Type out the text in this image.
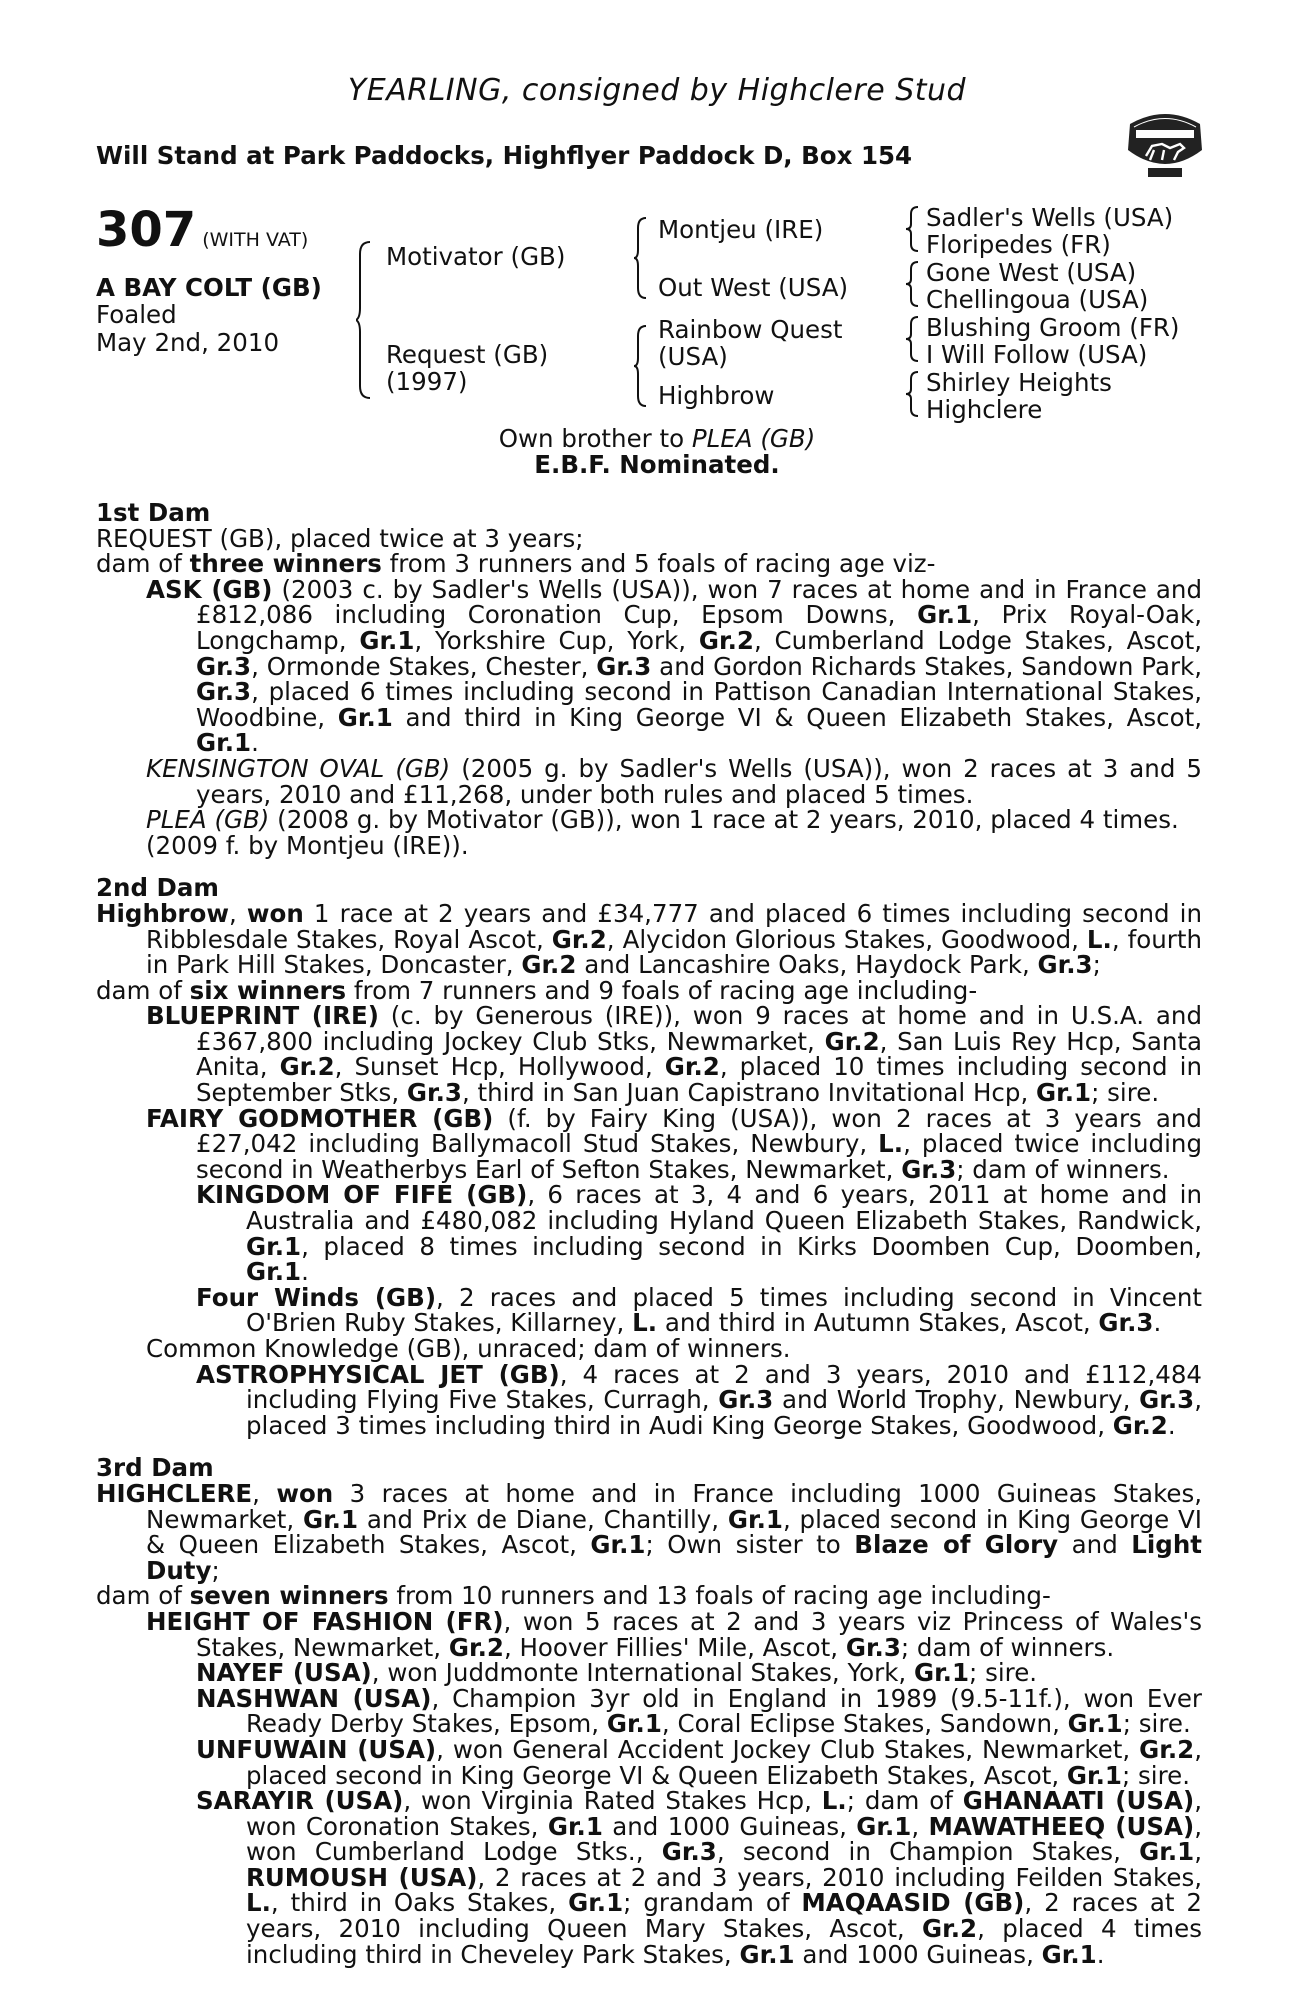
YEARLING, consigned by Highclere Stud
Will Stand at Park Paddocks, Highflyer Paddock D, Box 154
307 (WITH VAT)
A BAY COLT (GB)
Foaled
May 2nd, 2010
Motivator (GB)
Request (GB)
(1997)
Montjeu (IRE)
Out West (USA)
Rainbow Quest
(USA)
Highbrow
Sadler's Wells (USA)
Floripedes (FR)
Gone West (USA)
Chellingoua (USA)
Blushing Groom (FR)
I Will Follow (USA)
Shirley Heights
Highclere
Own brother to PLEA (GB)
E.B.F. Nominated.
1st Dam

REQUEST (GB), placed twice at 3 years;

dam of three winners from 3 runners and 5 foals of racing age viz-

ASK (GB) (2003 c. by Sadler's Wells (USA)), won 7 races at home and in France and £812,086 including Coronation Cup, Epsom Downs, Gr.1, Prix Royal-Oak, Longchamp, Gr.1, Yorkshire Cup, York, Gr.2, Cumberland Lodge Stakes, Ascot, Gr.3, Ormonde Stakes, Chester, Gr.3 and Gordon Richards Stakes, Sandown Park, Gr.3, placed 6 times including second in Pattison Canadian International Stakes, Woodbine, Gr.1 and third in King George VI & Queen Elizabeth Stakes, Ascot, Gr.1.

KENSINGTON OVAL (GB) (2005 g. by Sadler's Wells (USA)), won 2 races at 3 and 5 years, 2010 and £11,268, under both rules and placed 5 times.

PLEA (GB) (2008 g. by Motivator (GB)), won 1 race at 2 years, 2010, placed 4 times.

(2009 f. by Montjeu (IRE)).

2nd Dam

Highbrow, won 1 race at 2 years and £34,777 and placed 6 times including second in Ribblesdale Stakes, Royal Ascot, Gr.2, Alycidon Glorious Stakes, Goodwood, L., fourth in Park Hill Stakes, Doncaster, Gr.2 and Lancashire Oaks, Haydock Park, Gr.3;

dam of six winners from 7 runners and 9 foals of racing age including-

BLUEPRINT (IRE) (c. by Generous (IRE)), won 9 races at home and in U.S.A. and £367,800 including Jockey Club Stks, Newmarket, Gr.2, San Luis Rey Hcp, Santa Anita, Gr.2, Sunset Hcp, Hollywood, Gr.2, placed 10 times including second in September Stks, Gr.3, third in San Juan Capistrano Invitational Hcp, Gr.1; sire.

FAIRY GODMOTHER (GB) (f. by Fairy King (USA)), won 2 races at 3 years and £27,042 including Ballymacoll Stud Stakes, Newbury, L., placed twice including second in Weatherbys Earl of Sefton Stakes, Newmarket, Gr.3; dam of winners.

KINGDOM OF FIFE (GB), 6 races at 3, 4 and 6 years, 2011 at home and in Australia and £480,082 including Hyland Queen Elizabeth Stakes, Randwick, Gr.1, placed 8 times including second in Kirks Doomben Cup, Doomben, Gr.1.

Four Winds (GB), 2 races and placed 5 times including second in Vincent O'Brien Ruby Stakes, Killarney, L. and third in Autumn Stakes, Ascot, Gr.3.

Common Knowledge (GB), unraced; dam of winners.

ASTROPHYSICAL JET (GB), 4 races at 2 and 3 years, 2010 and £112,484 including Flying Five Stakes, Curragh, Gr.3 and World Trophy, Newbury, Gr.3, placed 3 times including third in Audi King George Stakes, Goodwood, Gr.2.

3rd Dam

HIGHCLERE, won 3 races at home and in France including 1000 Guineas Stakes, Newmarket, Gr.1 and Prix de Diane, Chantilly, Gr.1, placed second in King George VI & Queen Elizabeth Stakes, Ascot, Gr.1; Own sister to Blaze of Glory and Light Duty;

dam of seven winners from 10 runners and 13 foals of racing age including-

HEIGHT OF FASHION (FR), won 5 races at 2 and 3 years viz Princess of Wales's Stakes, Newmarket, Gr.2, Hoover Fillies' Mile, Ascot, Gr.3; dam of winners.

NAYEF (USA), won Juddmonte International Stakes, York, Gr.1; sire.

NASHWAN (USA), Champion 3yr old in England in 1989 (9.5-11f.), won Ever Ready Derby Stakes, Epsom, Gr.1, Coral Eclipse Stakes, Sandown, Gr.1; sire.

UNFUWAIN (USA), won General Accident Jockey Club Stakes, Newmarket, Gr.2, placed second in King George VI & Queen Elizabeth Stakes, Ascot, Gr.1; sire.

SARAYIR (USA), won Virginia Rated Stakes Hcp, L.; dam of GHANAATI (USA), won Coronation Stakes, Gr.1 and 1000 Guineas, Gr.1, MAWATHEEQ (USA), won Cumberland Lodge Stks., Gr.3, second in Champion Stakes, Gr.1, RUMOUSH (USA), 2 races at 2 and 3 years, 2010 including Feilden Stakes, L., third in Oaks Stakes, Gr.1; grandam of MAQAASID (GB), 2 races at 2 years, 2010 including Queen Mary Stakes, Ascot, Gr.2, placed 4 times including third in Cheveley Park Stakes, Gr.1 and 1000 Guineas, Gr.1.
